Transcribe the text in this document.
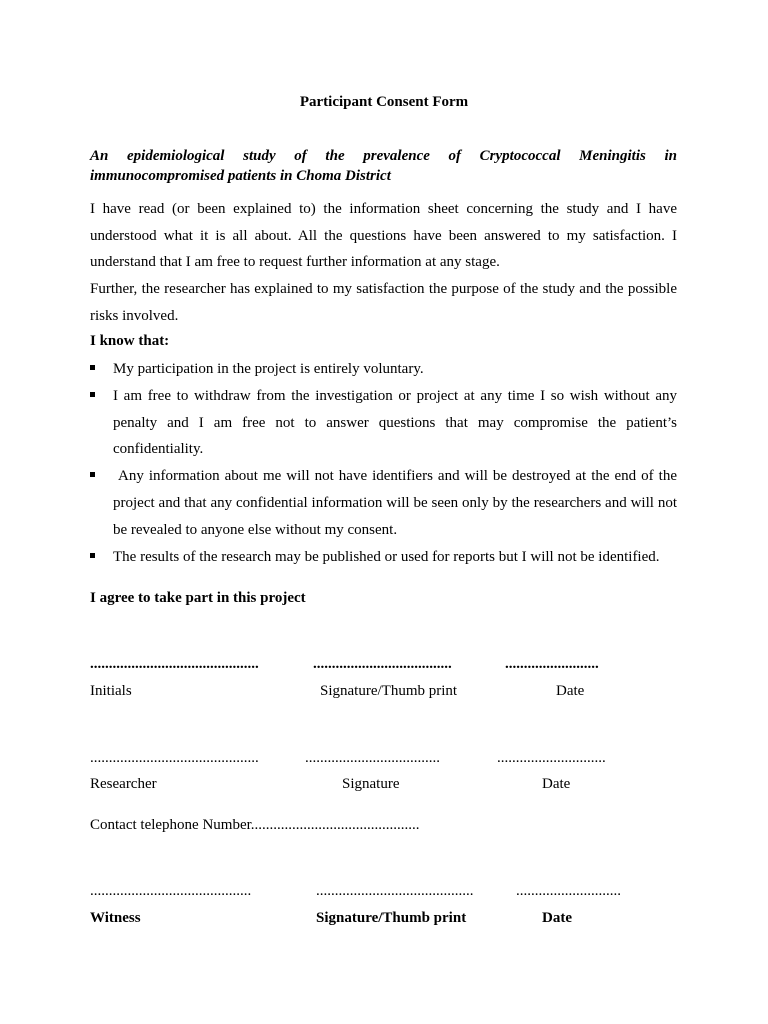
Participant Consent Form
An epidemiological study of the prevalence of Cryptococcal Meningitis in immunocompromised patients in Choma District
I have read (or been explained to) the information sheet concerning the study and I have understood what it is all about. All the questions have been answered to my satisfaction. I understand that I am free to request further information at any stage.
Further, the researcher has explained to my satisfaction the purpose of the study and the possible risks involved.
I know that:
My participation in the project is entirely voluntary.
I am free to withdraw from the investigation or project at any time I so wish without any penalty and I am free not to answer questions that may compromise the patient’s confidentiality.
Any information about me will not have identifiers and will be destroyed at the end of the project and that any confidential information will be seen only by the researchers and will not be revealed to anyone else without my consent.
The results of the research may be published or used for reports but I will not be identified.
I agree to take part in this project
.............................................	.....................................	.........................
Initials	Signature/Thumb print	Date
.............................................	....................................	.............................
Researcher	Signature	Date
Contact telephone Number.............................................
...........................................	..........................................	............................
Witness	Signature/Thumb print	Date
